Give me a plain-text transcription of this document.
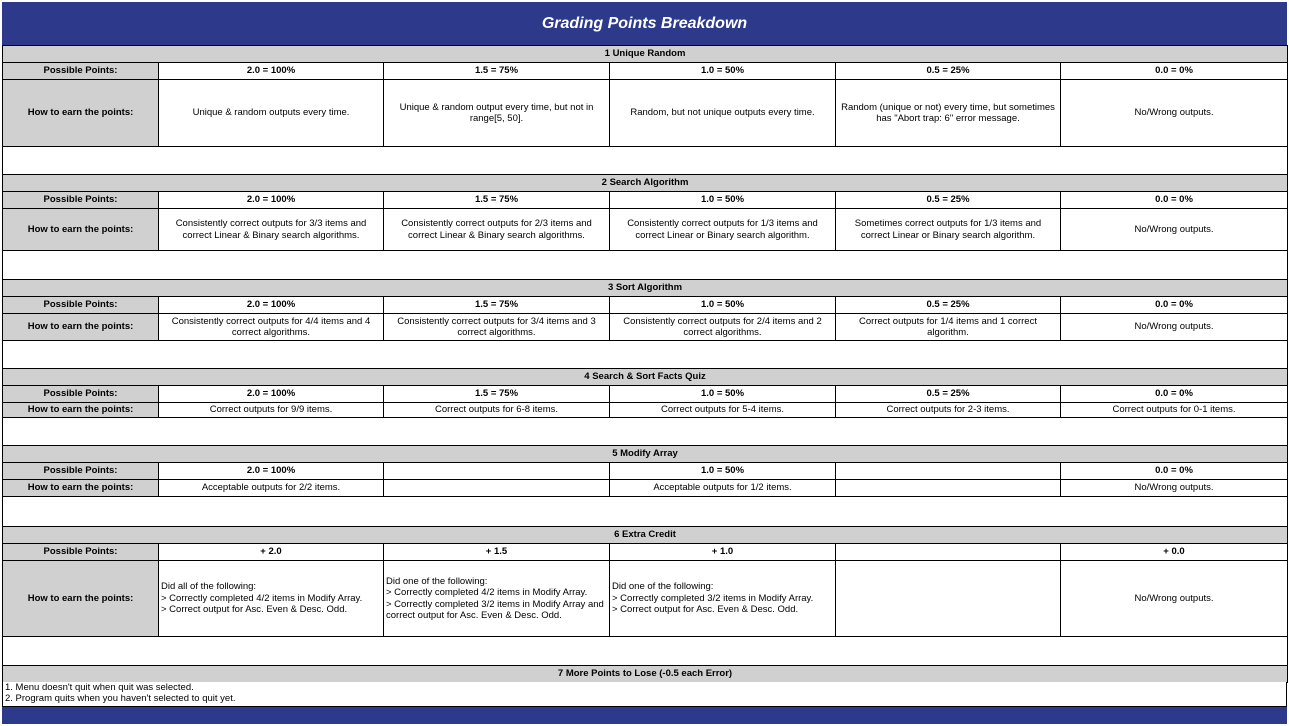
Grading Points Breakdown
1 Unique Random					
Possible Points:	2.0 = 100%	1.5 = 75%	1.0 = 50%	0.5 = 25%	0.0 = 0%
How to earn the points:	Unique & random outputs every time.	Unique & random output every time, but not in range[5, 50].	Random, but not unique outputs every time.	Random (unique or not) every time, but sometimes has "Abort trap: 6" error message.	No/Wrong outputs.

2 Search Algorithm					
Possible Points:	2.0 = 100%	1.5 = 75%	1.0 = 50%	0.5 = 25%	0.0 = 0%
How to earn the points:	Consistently correct outputs for 3/3 items and correct Linear & Binary search algorithms.	Consistently correct outputs for 2/3 items and correct Linear & Binary search algorithms.	Consistently correct outputs for 1/3 items and correct Linear or Binary search algorithm.	Sometimes correct outputs for 1/3 items and correct Linear or Binary search algorithm.	No/Wrong outputs.

3 Sort Algorithm					
Possible Points:	2.0 = 100%	1.5 = 75%	1.0 = 50%	0.5 = 25%	0.0 = 0%
How to earn the points:	Consistently correct outputs for 4/4 items and 4 correct algorithms.	Consistently correct outputs for 3/4 items and 3 correct algorithms.	Consistently correct outputs for 2/4 items and 2 correct algorithms.	Correct outputs for 1/4 items and 1 correct algorithm.	No/Wrong outputs.

4 Search & Sort Facts Quiz					
Possible Points:	2.0 = 100%	1.5 = 75%	1.0 = 50%	0.5 = 25%	0.0 = 0%
How to earn the points:	Correct outputs for 9/9 items.	Correct outputs for 6-8 items.	Correct outputs for 5-4 items.	Correct outputs for 2-3 items.	Correct outputs for 0-1 items.

5 Modify Array					
Possible Points:	2.0 = 100%		1.0 = 50%		0.0 = 0%
How to earn the points:	Acceptable outputs for 2/2 items.		Acceptable outputs for 1/2 items.		No/Wrong outputs.

6 Extra Credit					
Possible Points:	+ 2.0	+ 1.5	+ 1.0		+ 0.0
How to earn the points:	Did all of the following:
> Correctly completed 4/2 items in Modify Array.
> Correct output for Asc. Even & Desc. Odd.	Did one of the following:
> Correctly completed 4/2 items in Modify Array.
> Correctly completed 3/2 items in Modify Array and correct output for Asc. Even & Desc. Odd.	Did one of the following:
> Correctly completed 3/2 items in Modify Array.
> Correct output for Asc. Even & Desc. Odd.		No/Wrong outputs.

7 More Points to Lose (-0.5 each Error)
1. Menu doesn't quit when quit was selected.
2. Program quits when you haven't selected to quit yet.
